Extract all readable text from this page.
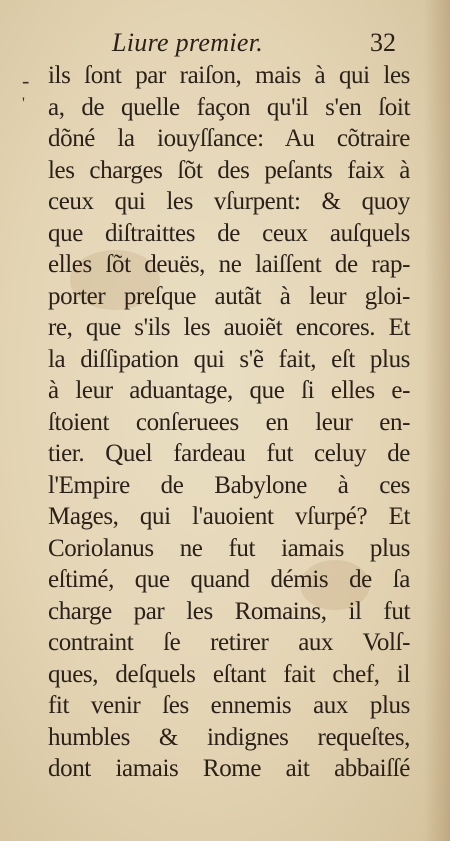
Liure premier.	32
-
'
ils ſont par raiſon, mais à qui les
a, de quelle façon qu'il s'en ſoit
dõné la iouyſſance: Au cõtraire
les charges ſõt des peſants faix à
ceux qui les vſurpent: & quoy
que diſtraittes de ceux auſquels
elles ſõt deuës, ne laiſſent de rap-
porter preſque autãt à leur gloi-
re, que s'ils les auoiẽt encores. Et
la diſſipation qui s'ẽ fait, eſt plus
à leur aduantage, que ſi elles e-
ſtoient conſeruees en leur en-
tier. Quel fardeau fut celuy de
l'Empire de Babylone à ces
Mages, qui l'auoient vſurpé? Et
Coriolanus ne fut iamais plus
eſtimé, que quand démis de ſa
charge par les Romains, il fut
contraint ſe retirer aux Volſ-
ques, deſquels eſtant fait chef, il
fit venir ſes ennemis aux plus
humbles & indignes requeſtes,
dont iamais Rome ait abbaiſſé
